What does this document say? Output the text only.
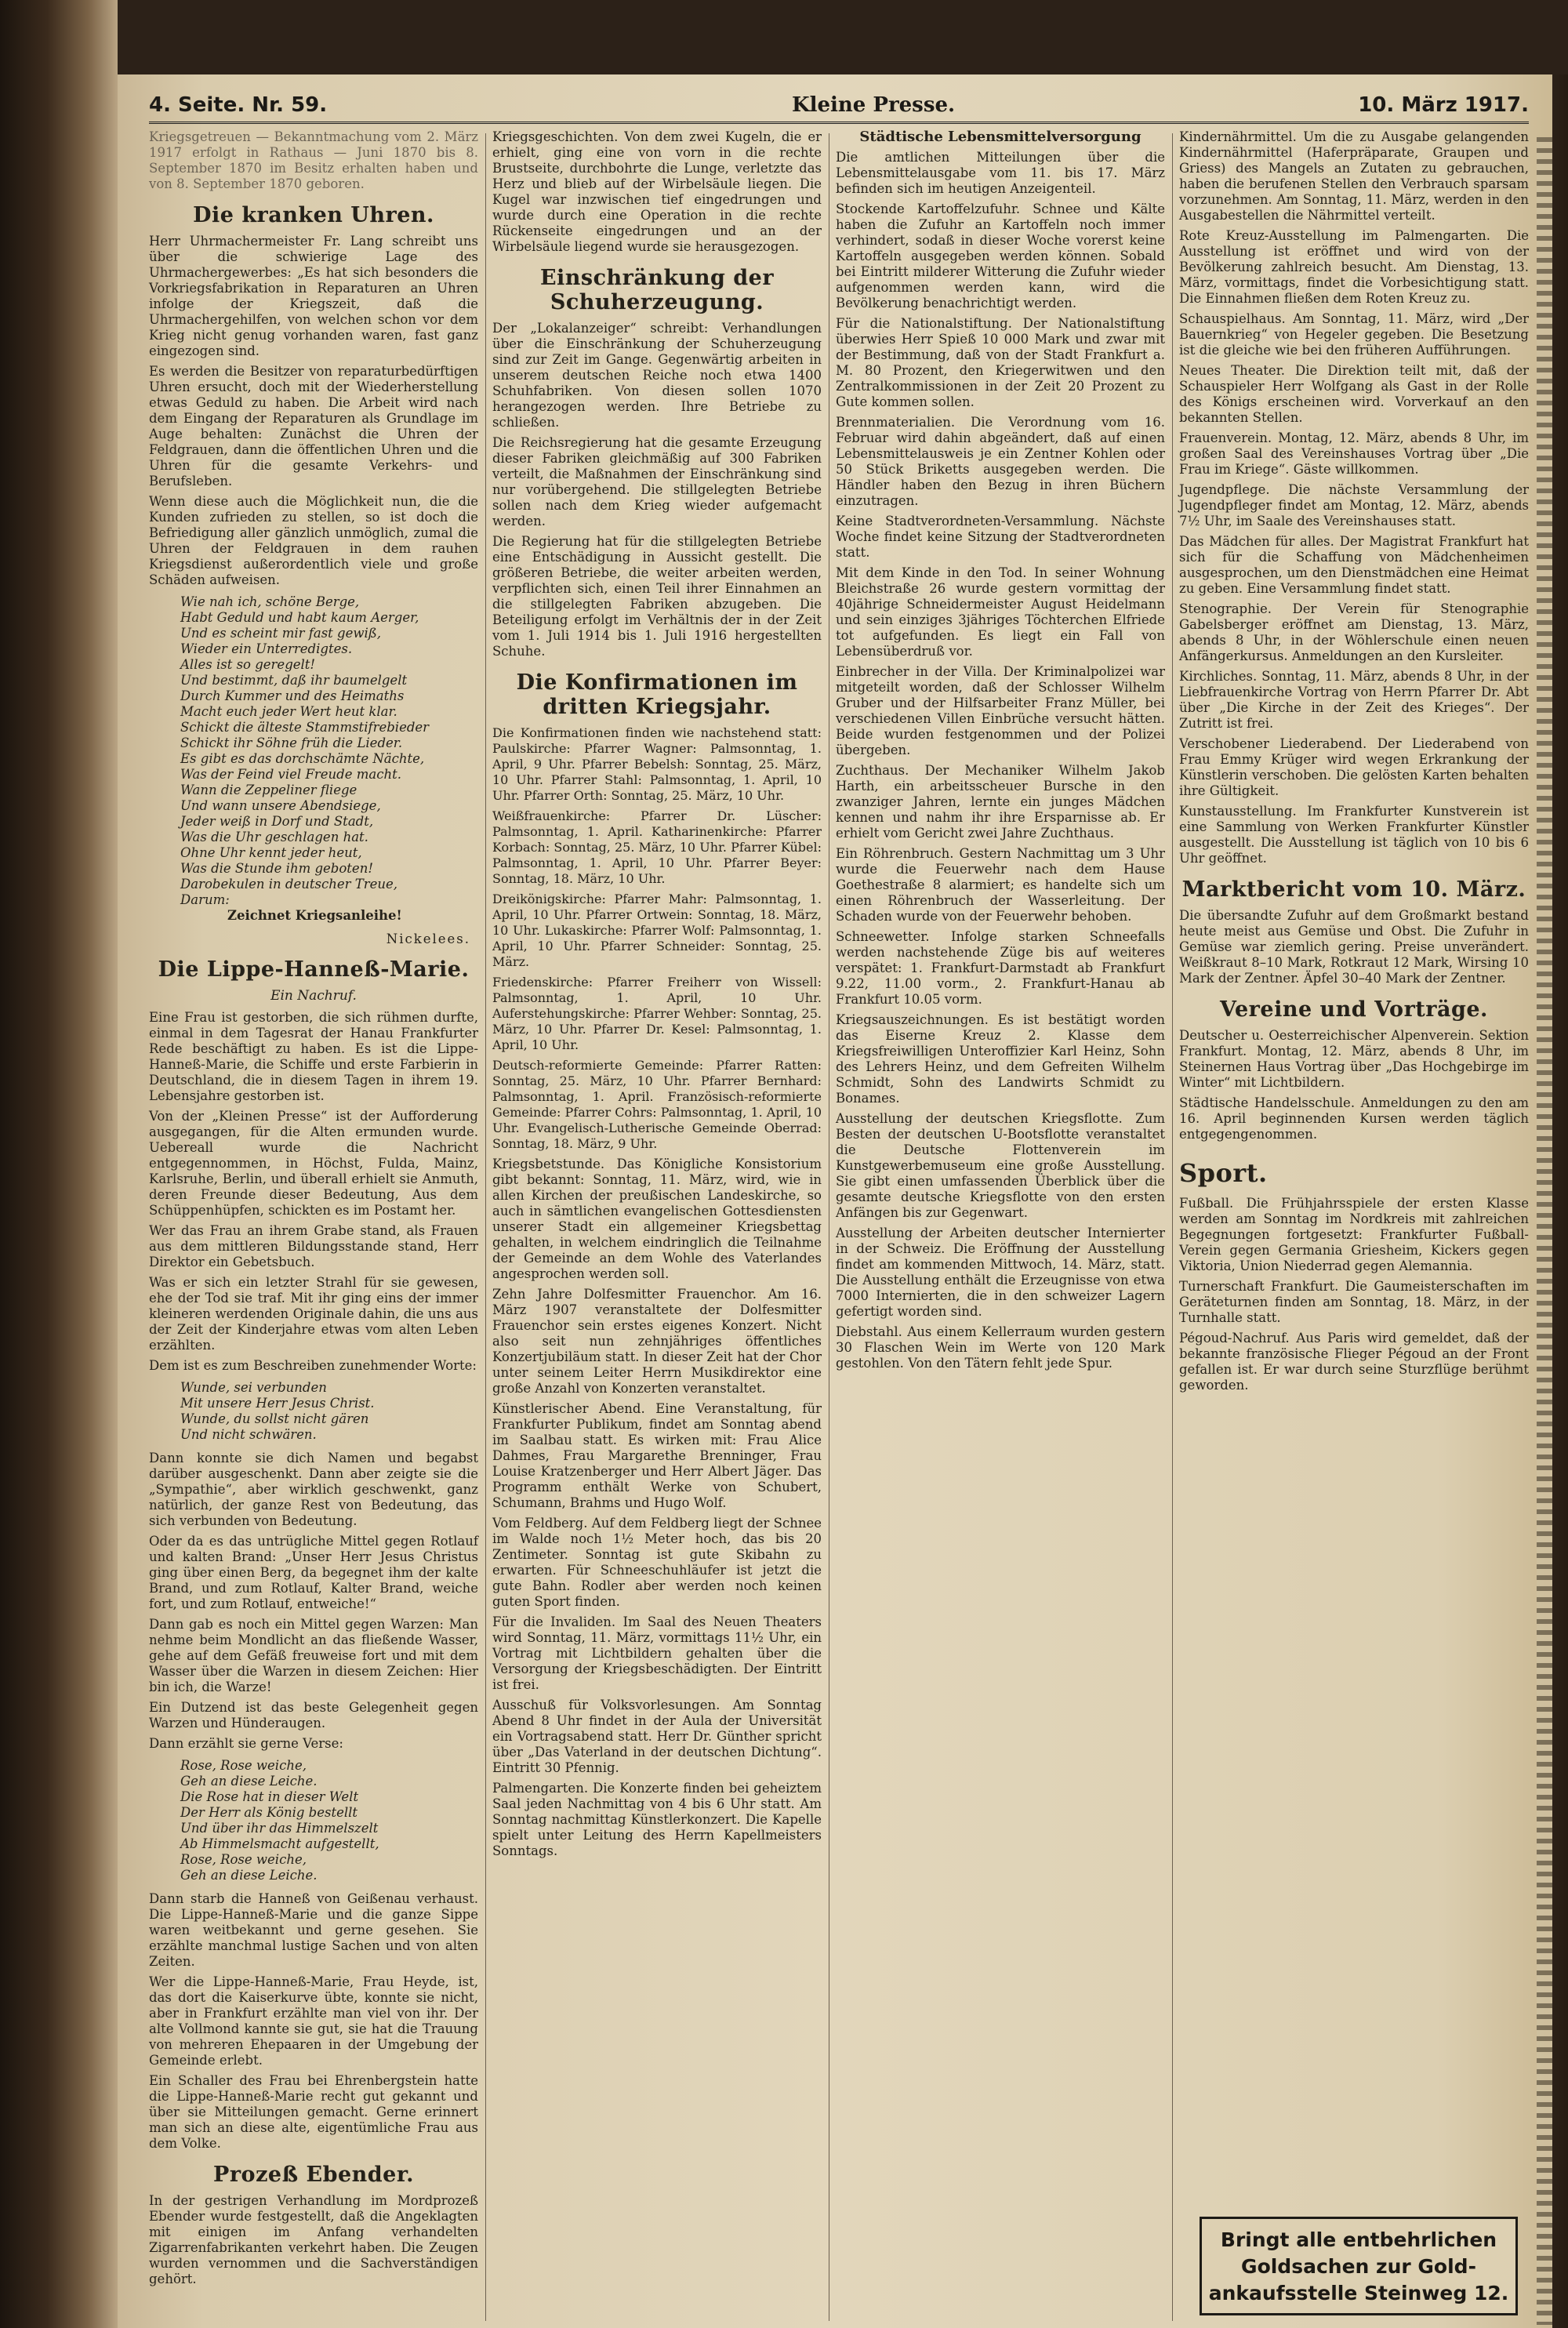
4. Seite. Nr. 59.	Kleine Presse.	10. März 1917.

Kriegsgetreuen — Bekanntmachung vom 2. März 1917 erfolgt in Rathaus — Juni 1870 bis 8. September 1870 im Besitz erhalten haben und von 8. September 1870 geboren.

Die kranken Uhren.

Herr Uhrmachermeister Fr. Lang schreibt uns über die schwierige Lage des Uhrmachergewerbes: „Es hat sich besonders die Vorkriegsfabrikation in Reparaturen an Uhren infolge der Kriegszeit, daß die Uhrmachergehilfen, von welchen schon vor dem Krieg nicht genug vorhanden waren, fast ganz eingezogen sind.

Es werden die Besitzer von reparaturbedürftigen Uhren ersucht, doch mit der Wiederherstellung etwas Geduld zu haben. Die Arbeit wird nach dem Eingang der Reparaturen als Grundlage im Auge behalten: Zunächst die Uhren der Feldgrauen, dann die öffentlichen Uhren und die Uhren für die gesamte Verkehrs- und Berufsleben.

Wenn diese auch die Möglichkeit nun, die die Kunden zufrieden zu stellen, so ist doch die Befriedigung aller gänzlich unmöglich, zumal die Uhren der Feldgrauen in dem rauhen Kriegsdienst außerordentlich viele und große Schäden aufweisen.

Wie nah ich, schöne Berge,
Habt Geduld und habt kaum Aerger,
Und es scheint mir fast gewiß,
Wieder ein Unterredigtes.
Alles ist so geregelt!
Und bestimmt, daß ihr baumelgelt
Durch Kummer und des Heimaths
Macht euch jeder Wert heut klar.
Schickt die älteste Stammstifrebieder
Schickt ihr Söhne früh die Lieder.
Es gibt es das dorchschämte Nächte,
Was der Feind viel Freude macht.
Wann die Zeppeliner fliege
Und wann unsere Abendsiege,
Jeder weiß in Dorf und Stadt,
Was die Uhr geschlagen hat.
Ohne Uhr kennt jeder heut,
Was die Stunde ihm geboten!
Darobekulen in deutscher Treue,
Darum:
Zeichnet Kriegsanleihe!
Nickelees.
Die Lippe-Hanneß-Marie.
Ein Nachruf.

Eine Frau ist gestorben, die sich rühmen durfte, einmal in dem Tagesrat der Hanau Frankfurter Rede beschäftigt zu haben. Es ist die Lippe-Hanneß-Marie, die Schiffe und erste Farbierin in Deutschland, die in diesem Tagen in ihrem 19. Lebensjahre gestorben ist.

Von der „Kleinen Presse“ ist der Aufforderung ausgegangen, für die Alten ermunden wurde. Uebereall wurde die Nachricht entgegennommen, in Höchst, Fulda, Mainz, Karlsruhe, Berlin, und überall erhielt sie Anmuth, deren Freunde dieser Bedeutung, Aus dem Schüppenhüpfen, schickten es im Postamt her.

Wer das Frau an ihrem Grabe stand, als Frauen aus dem mittleren Bildungsstande stand, Herr Direktor ein Gebetsbuch.

Was er sich ein letzter Strahl für sie gewesen, ehe der Tod sie traf. Mit ihr ging eins der immer kleineren werdenden Originale dahin, die uns aus der Zeit der Kinderjahre etwas vom alten Leben erzählten.

Dem ist es zum Beschreiben zunehmender Worte:

Wunde, sei verbunden
Mit unsere Herr Jesus Christ.
Wunde, du sollst nicht gären
Und nicht schwären.

Dann konnte sie dich Namen und begabst darüber ausgeschenkt. Dann aber zeigte sie die „Sympathie“, aber wirklich geschwenkt, ganz natürlich, der ganze Rest von Bedeutung, das sich verbunden von Bedeutung.

Oder da es das untrügliche Mittel gegen Rotlauf und kalten Brand: „Unser Herr Jesus Christus ging über einen Berg, da begegnet ihm der kalte Brand, und zum Rotlauf, Kalter Brand, weiche fort, und zum Rotlauf, entweiche!“

Dann gab es noch ein Mittel gegen Warzen: Man nehme beim Mondlicht an das fließende Wasser, gehe auf dem Gefäß freuweise fort und mit dem Wasser über die Warzen in diesem Zeichen: Hier bin ich, die Warze!

Ein Dutzend ist das beste Gelegenheit gegen Warzen und Hünderaugen.

Dann erzählt sie gerne Verse:

Rose, Rose weiche,
Geh an diese Leiche.
Die Rose hat in dieser Welt
Der Herr als König bestellt
Und über ihr das Himmelszelt
Ab Himmelsmacht aufgestellt,
Rose, Rose weiche,
Geh an diese Leiche.

Dann starb die Hanneß von Geißenau verhaust. Die Lippe-Hanneß-Marie und die ganze Sippe waren weitbekannt und gerne gesehen. Sie erzählte manchmal lustige Sachen und von alten Zeiten.

Wer die Lippe-Hanneß-Marie, Frau Heyde, ist, das dort die Kaiserkurve übte, konnte sie nicht, aber in Frankfurt erzählte man viel von ihr. Der alte Vollmond kannte sie gut, sie hat die Trauung von mehreren Ehepaaren in der Umgebung der Gemeinde erlebt.

Ein Schaller des Frau bei Ehrenbergstein hatte die Lippe-Hanneß-Marie recht gut gekannt und über sie Mitteilungen gemacht. Gerne erinnert man sich an diese alte, eigentümliche Frau aus dem Volke.

Prozeß Ebender.

In der gestrigen Verhandlung im Mordprozeß Ebender wurde festgestellt, daß die Angeklagten mit einigen im Anfang verhandelten Zigarrenfabrikanten verkehrt haben. Die Zeugen wurden vernommen und die Sachverständigen gehört.

Kriegsgeschichten. Von dem zwei Kugeln, die er erhielt, ging eine von vorn in die rechte Brustseite, durchbohrte die Lunge, verletzte das Herz und blieb auf der Wirbelsäule liegen. Die Kugel war inzwischen tief eingedrungen und wurde durch eine Operation in die rechte Rückenseite eingedrungen und an der Wirbelsäule liegend wurde sie herausgezogen.

Einschränkung der Schuherzeugung.

Der „Lokalanzeiger“ schreibt: Verhandlungen über die Einschränkung der Schuherzeugung sind zur Zeit im Gange. Gegenwärtig arbeiten in unserem deutschen Reiche noch etwa 1400 Schuhfabriken. Von diesen sollen 1070 herangezogen werden. Ihre Betriebe zu schließen.

Die Reichsregierung hat die gesamte Erzeugung dieser Fabriken gleichmäßig auf 300 Fabriken verteilt, die Maßnahmen der Einschränkung sind nur vorübergehend. Die stillgelegten Betriebe sollen nach dem Krieg wieder aufgemacht werden.

Die Regierung hat für die stillgelegten Betriebe eine Entschädigung in Aussicht gestellt. Die größeren Betriebe, die weiter arbeiten werden, verpflichten sich, einen Teil ihrer Einnahmen an die stillgelegten Fabriken abzugeben. Die Beteiligung erfolgt im Verhältnis der in der Zeit vom 1. Juli 1914 bis 1. Juli 1916 hergestellten Schuhe.

Die Konfirmationen im dritten Kriegsjahr.

Die Konfirmationen finden wie nachstehend statt: Paulskirche: Pfarrer Wagner: Palmsonntag, 1. April, 9 Uhr. Pfarrer Bebelsh: Sonntag, 25. März, 10 Uhr. Pfarrer Stahl: Palmsonntag, 1. April, 10 Uhr. Pfarrer Orth: Sonntag, 25. März, 10 Uhr.

Weißfrauenkirche: Pfarrer Dr. Lüscher: Palmsonntag, 1. April. Katharinenkirche: Pfarrer Korbach: Sonntag, 25. März, 10 Uhr. Pfarrer Kübel: Palmsonntag, 1. April, 10 Uhr. Pfarrer Beyer: Sonntag, 18. März, 10 Uhr.

Dreikönigskirche: Pfarrer Mahr: Palmsonntag, 1. April, 10 Uhr. Pfarrer Ortwein: Sonntag, 18. März, 10 Uhr. Lukaskirche: Pfarrer Wolf: Palmsonntag, 1. April, 10 Uhr. Pfarrer Schneider: Sonntag, 25. März.

Friedenskirche: Pfarrer Freiherr von Wissell: Palmsonntag, 1. April, 10 Uhr. Auferstehungskirche: Pfarrer Wehber: Sonntag, 25. März, 10 Uhr. Pfarrer Dr. Kesel: Palmsonntag, 1. April, 10 Uhr.

Deutsch-reformierte Gemeinde: Pfarrer Ratten: Sonntag, 25. März, 10 Uhr. Pfarrer Bernhard: Palmsonntag, 1. April. Französisch-reformierte Gemeinde: Pfarrer Cohrs: Palmsonntag, 1. April, 10 Uhr. Evangelisch-Lutherische Gemeinde Oberrad: Sonntag, 18. März, 9 Uhr.

Kriegsbetstunde. Das Königliche Konsistorium gibt bekannt: Sonntag, 11. März, wird, wie in allen Kirchen der preußischen Landeskirche, so auch in sämtlichen evangelischen Gottesdiensten unserer Stadt ein allgemeiner Kriegsbettag gehalten, in welchem eindringlich die Teilnahme der Gemeinde an dem Wohle des Vaterlandes angesprochen werden soll.

Zehn Jahre Dolfesmitter Frauenchor. Am 16. März 1907 veranstaltete der Dolfesmitter Frauenchor sein erstes eigenes Konzert. Nicht also seit nun zehnjähriges öffentliches Konzertjubiläum statt. In dieser Zeit hat der Chor unter seinem Leiter Herrn Musikdirektor eine große Anzahl von Konzerten veranstaltet.

Künstlerischer Abend. Eine Veranstaltung, für Frankfurter Publikum, findet am Sonntag abend im Saalbau statt. Es wirken mit: Frau Alice Dahmes, Frau Margarethe Brenninger, Frau Louise Kratzenberger und Herr Albert Jäger. Das Programm enthält Werke von Schubert, Schumann, Brahms und Hugo Wolf.

Vom Feldberg. Auf dem Feldberg liegt der Schnee im Walde noch 1½ Meter hoch, das bis 20 Zentimeter. Sonntag ist gute Skibahn zu erwarten. Für Schneeschuhläufer ist jetzt die gute Bahn. Rodler aber werden noch keinen guten Sport finden.

Für die Invaliden. Im Saal des Neuen Theaters wird Sonntag, 11. März, vormittags 11½ Uhr, ein Vortrag mit Lichtbildern gehalten über die Versorgung der Kriegsbeschädigten. Der Eintritt ist frei.

Ausschuß für Volksvorlesungen. Am Sonntag Abend 8 Uhr findet in der Aula der Universität ein Vortragsabend statt. Herr Dr. Günther spricht über „Das Vaterland in der deutschen Dichtung“. Eintritt 30 Pfennig.

Palmengarten. Die Konzerte finden bei geheiztem Saal jeden Nachmittag von 4 bis 6 Uhr statt. Am Sonntag nachmittag Künstlerkonzert. Die Kapelle spielt unter Leitung des Herrn Kapellmeisters Sonntags.

Städtische Lebensmittelversorgung

Die amtlichen Mitteilungen über die Lebensmittelausgabe vom 11. bis 17. März befinden sich im heutigen Anzeigenteil.

Stockende Kartoffelzufuhr. Schnee und Kälte haben die Zufuhr an Kartoffeln noch immer verhindert, sodaß in dieser Woche vorerst keine Kartoffeln ausgegeben werden können. Sobald bei Eintritt milderer Witterung die Zufuhr wieder aufgenommen werden kann, wird die Bevölkerung benachrichtigt werden.

Für die Nationalstiftung. Der Nationalstiftung überwies Herr Spieß 10 000 Mark und zwar mit der Bestimmung, daß von der Stadt Frankfurt a. M. 80 Prozent, den Kriegerwitwen und den Zentralkommissionen in der Zeit 20 Prozent zu Gute kommen sollen.

Brennmaterialien. Die Verordnung vom 16. Februar wird dahin abgeändert, daß auf einen Lebensmittelausweis je ein Zentner Kohlen oder 50 Stück Briketts ausgegeben werden. Die Händler haben den Bezug in ihren Büchern einzutragen.

Keine Stadtverordneten-Versammlung. Nächste Woche findet keine Sitzung der Stadtverordneten statt.

Mit dem Kinde in den Tod. In seiner Wohnung Bleichstraße 26 wurde gestern vormittag der 40jährige Schneidermeister August Heidelmann und sein einziges 3jähriges Töchterchen Elfriede tot aufgefunden. Es liegt ein Fall von Lebensüberdruß vor.

Einbrecher in der Villa. Der Kriminalpolizei war mitgeteilt worden, daß der Schlosser Wilhelm Gruber und der Hilfsarbeiter Franz Müller, bei verschiedenen Villen Einbrüche versucht hätten. Beide wurden festgenommen und der Polizei übergeben.

Zuchthaus. Der Mechaniker Wilhelm Jakob Harth, ein arbeitsscheuer Bursche in den zwanziger Jahren, lernte ein junges Mädchen kennen und nahm ihr ihre Ersparnisse ab. Er erhielt vom Gericht zwei Jahre Zuchthaus.

Ein Röhrenbruch. Gestern Nachmittag um 3 Uhr wurde die Feuerwehr nach dem Hause Goethestraße 8 alarmiert; es handelte sich um einen Röhrenbruch der Wasserleitung. Der Schaden wurde von der Feuerwehr behoben.

Schneewetter. Infolge starken Schneefalls werden nachstehende Züge bis auf weiteres verspätet: 1. Frankfurt-Darmstadt ab Frankfurt 9.22, 11.00 vorm., 2. Frankfurt-Hanau ab Frankfurt 10.05 vorm.

Kriegsauszeichnungen. Es ist bestätigt worden das Eiserne Kreuz 2. Klasse dem Kriegsfreiwilligen Unteroffizier Karl Heinz, Sohn des Lehrers Heinz, und dem Gefreiten Wilhelm Schmidt, Sohn des Landwirts Schmidt zu Bonames.

Ausstellung der deutschen Kriegsflotte. Zum Besten der deutschen U-Bootsflotte veranstaltet die Deutsche Flottenverein im Kunstgewerbemuseum eine große Ausstellung. Sie gibt einen umfassenden Überblick über die gesamte deutsche Kriegsflotte von den ersten Anfängen bis zur Gegenwart.

Ausstellung der Arbeiten deutscher Internierter in der Schweiz. Die Eröffnung der Ausstellung findet am kommenden Mittwoch, 14. März, statt. Die Ausstellung enthält die Erzeugnisse von etwa 7000 Internierten, die in den schweizer Lagern gefertigt worden sind.

Diebstahl. Aus einem Kellerraum wurden gestern 30 Flaschen Wein im Werte von 120 Mark gestohlen. Von den Tätern fehlt jede Spur.

Kindernährmittel. Um die zu Ausgabe gelangenden Kindernährmittel (Haferpräparate, Graupen und Griess) des Mangels an Zutaten zu gebrauchen, haben die berufenen Stellen den Verbrauch sparsam vorzunehmen. Am Sonntag, 11. März, werden in den Ausgabestellen die Nährmittel verteilt.

Rote Kreuz-Ausstellung im Palmengarten. Die Ausstellung ist eröffnet und wird von der Bevölkerung zahlreich besucht. Am Dienstag, 13. März, vormittags, findet die Vorbesichtigung statt. Die Einnahmen fließen dem Roten Kreuz zu.

Schauspielhaus. Am Sonntag, 11. März, wird „Der Bauernkrieg“ von Hegeler gegeben. Die Besetzung ist die gleiche wie bei den früheren Aufführungen.

Neues Theater. Die Direktion teilt mit, daß der Schauspieler Herr Wolfgang als Gast in der Rolle des Königs erscheinen wird. Vorverkauf an den bekannten Stellen.

Frauenverein. Montag, 12. März, abends 8 Uhr, im großen Saal des Vereinshauses Vortrag über „Die Frau im Kriege“. Gäste willkommen.

Jugendpflege. Die nächste Versammlung der Jugendpfleger findet am Montag, 12. März, abends 7½ Uhr, im Saale des Vereinshauses statt.

Das Mädchen für alles. Der Magistrat Frankfurt hat sich für die Schaffung von Mädchenheimen ausgesprochen, um den Dienstmädchen eine Heimat zu geben. Eine Versammlung findet statt.

Stenographie. Der Verein für Stenographie Gabelsberger eröffnet am Dienstag, 13. März, abends 8 Uhr, in der Wöhlerschule einen neuen Anfängerkursus. Anmeldungen an den Kursleiter.

Kirchliches. Sonntag, 11. März, abends 8 Uhr, in der Liebfrauenkirche Vortrag von Herrn Pfarrer Dr. Abt über „Die Kirche in der Zeit des Krieges“. Der Zutritt ist frei.

Verschobener Liederabend. Der Liederabend von Frau Emmy Krüger wird wegen Erkrankung der Künstlerin verschoben. Die gelösten Karten behalten ihre Gültigkeit.

Kunstausstellung. Im Frankfurter Kunstverein ist eine Sammlung von Werken Frankfurter Künstler ausgestellt. Die Ausstellung ist täglich von 10 bis 6 Uhr geöffnet.

Marktbericht vom 10. März.

Die übersandte Zufuhr auf dem Großmarkt bestand heute meist aus Gemüse und Obst. Die Zufuhr in Gemüse war ziemlich gering. Preise unverändert. Weißkraut 8–10 Mark, Rotkraut 12 Mark, Wirsing 10 Mark der Zentner. Äpfel 30–40 Mark der Zentner.

Vereine und Vorträge.

Deutscher u. Oesterreichischer Alpenverein. Sektion Frankfurt. Montag, 12. März, abends 8 Uhr, im Steinernen Haus Vortrag über „Das Hochgebirge im Winter“ mit Lichtbildern.

Städtische Handelsschule. Anmeldungen zu den am 16. April beginnenden Kursen werden täglich entgegengenommen.

Sport.

Fußball. Die Frühjahrsspiele der ersten Klasse werden am Sonntag im Nordkreis mit zahlreichen Begegnungen fortgesetzt: Frankfurter Fußball-Verein gegen Germania Griesheim, Kickers gegen Viktoria, Union Niederrad gegen Alemannia.

Turnerschaft Frankfurt. Die Gaumeisterschaften im Geräteturnen finden am Sonntag, 18. März, in der Turnhalle statt.

Pégoud-Nachruf. Aus Paris wird gemeldet, daß der bekannte französische Flieger Pégoud an der Front gefallen ist. Er war durch seine Sturzflüge berühmt geworden.

Bringt alle entbehrlichen
Goldsachen zur Gold-
ankaufsstelle Steinweg 12.
